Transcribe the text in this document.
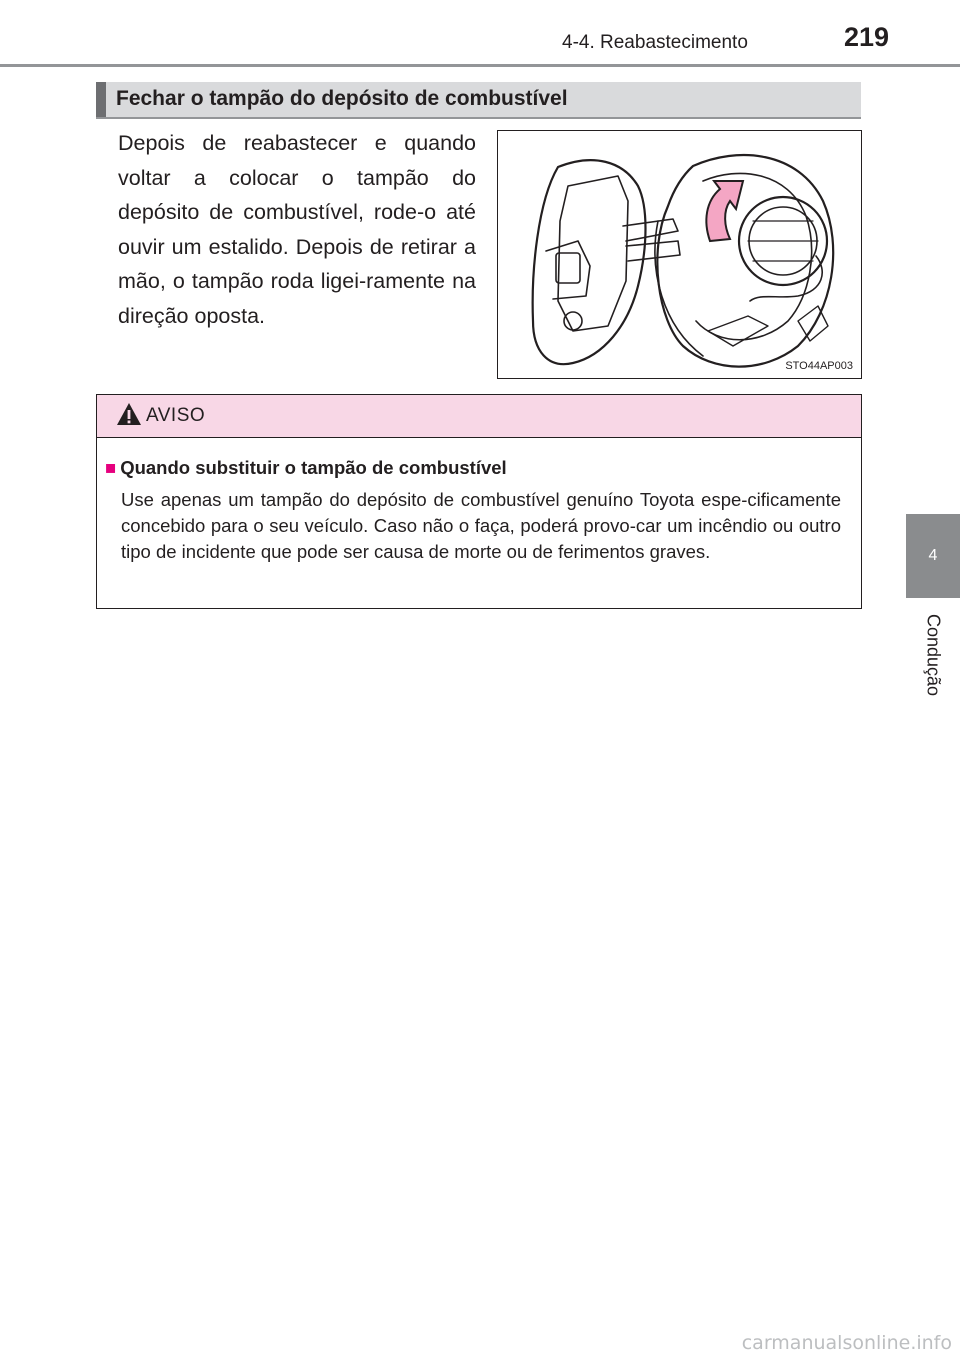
4-4. Reabastecimento	219
4
Condução
Fechar o tampão do depósito de combustível
Depois de reabastecer e quando voltar a colocar o tampão do depósito de combustível, rode-o até ouvir um estalido. Depois de retirar a mão, o tampão roda ligei-ramente na direção oposta.
STO44AP003
AVISO
■ Quando substituir o tampão de combustível
Use apenas um tampão do depósito de combustível genuíno Toyota espe-cificamente concebido para o seu veículo. Caso não o faça, poderá provo-car um incêndio ou outro tipo de incidente que pode ser causa de morte ou de ferimentos graves.
carmanualsonline.info
